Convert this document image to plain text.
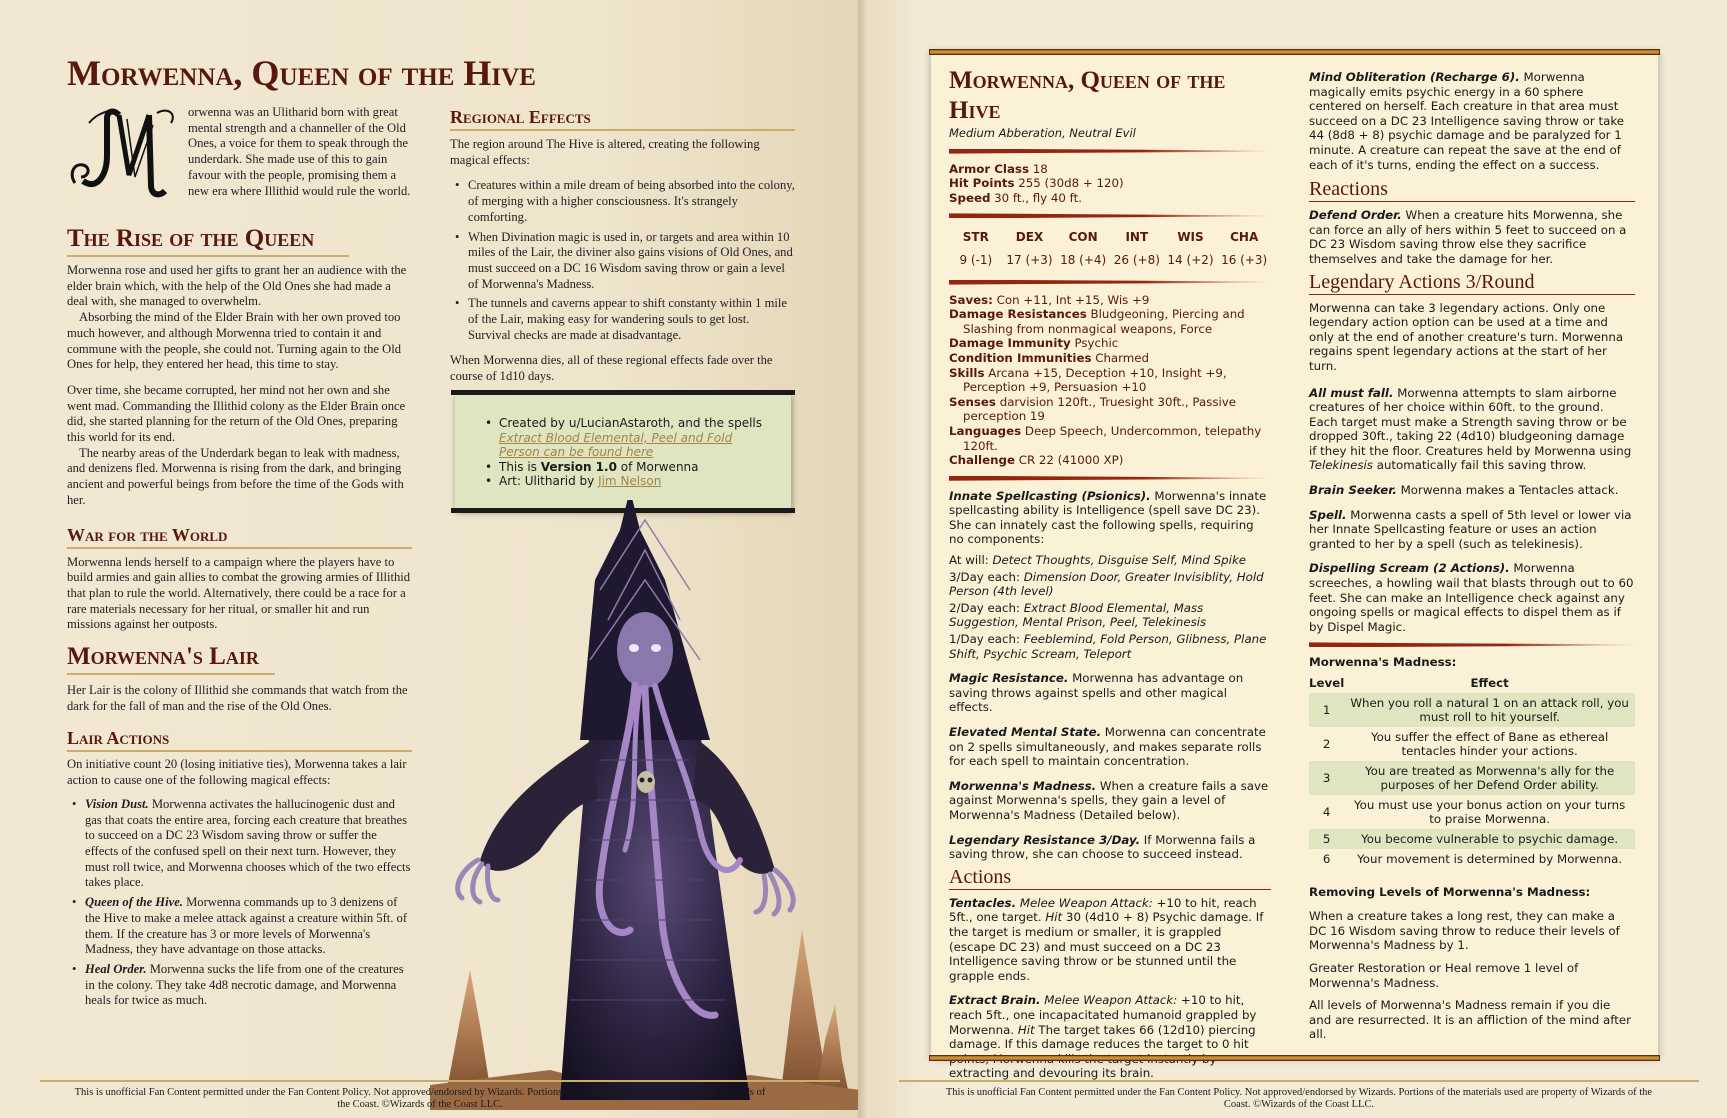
Morwenna, Queen of the Hive
orwenna was an Ulitharid born with great mental strength and a channeller of the Old Ones, a voice for them to speak through the underdark. She made use of this to gain favour with the people, promising them a new era where Illithid would rule the world.
The Rise of the Queen

Morwenna rose and used her gifts to grant her an audience with the elder brain which, with the help of the Old Ones she had made a deal with, she managed to overwhelm.

Absorbing the mind of the Elder Brain with her own proved too much however, and although Morwenna tried to contain it and commune with the people, she could not. Turning again to the Old Ones for help, they entered her head, this time to stay.

Over time, she became corrupted, her mind not her own and she went mad. Commanding the Illithid colony as the Elder Brain once did, she started planning for the return of the Old Ones, preparing this world for its end.

The nearby areas of the Underdark began to leak with madness, and denizens fled. Morwenna is rising from the dark, and bringing ancient and powerful beings from before the time of the Gods with her.

War for the World

Morwenna lends herself to a campaign where the players have to build armies and gain allies to combat the growing armies of Illithid that plan to rule the world. Alternatively, there could be a race for a rare materials necessary for her ritual, or smaller hit and run missions against her outposts.

Morwenna's Lair

Her Lair is the colony of Illithid she commands that watch from the dark for the fall of man and the rise of the Old Ones.

Lair Actions

On initiative count 20 (losing initiative ties), Morwenna takes a lair action to cause one of the following magical effects:

• Vision Dust. Morwenna activates the hallucinogenic dust and gas that coats the entire area, forcing each creature that breathes to succeed on a DC 23 Wisdom saving throw or suffer the effects of the confused spell on their next turn. However, they must roll twice, and Morwenna chooses which of the two effects takes place.
• Queen of the Hive. Morwenna commands up to 3 denizens of the Hive to make a melee attack against a creature within 5ft. of them. If the creature has 3 or more levels of Morwenna's Madness, they have advantage on those attacks.
• Heal Order. Morwenna sucks the life from one of the creatures in the colony. They take 4d8 necrotic damage, and Morwenna heals for twice as much.
Regional Effects

The region around The Hive is altered, creating the following magical effects:

• Creatures within a mile dream of being absorbed into the colony, of merging with a higher consciousness. It's strangely comforting.
• When Divination magic is used in, or targets and area within 10 miles of the Lair, the diviner also gains visions of Old Ones, and must succeed on a DC 16 Wisdom saving throw or gain a level of Morwenna's Madness.
• The tunnels and caverns appear to shift constanty within 1 mile of the Lair, making easy for wandering souls to get lost. Survival checks are made at disadvantage.

When Morwenna dies, all of these regional effects fade over the course of 1d10 days.

• Created by u/LucianAstaroth, and the spells Extract Blood Elemental, Peel and Fold Person can be found here
• This is Version 1.0 of Morwenna
• Art: Ulitharid by Jim Nelson
This is unofficial Fan Content permitted under the Fan Content Policy. Not approved/endorsed by Wizards. Portions of the materials used are property of Wizards of the Coast. ©Wizards of the Coast LLC.
Morwenna, Queen of the Hive
Medium Abberation, Neutral Evil
Armor Class 18
Hit Points 255 (30d8 + 120)
Speed 30 ft., fly 40 ft.
STR	DEX	CON	INT	WIS	CHA
9 (-1)	17 (+3) 18 (+4) 26 (+8) 14 (+2) 16 (+3)
Saves: Con +11, Int +15, Wis +9
Damage Resistances Bludgeoning, Piercing and Slashing from nonmagical weapons, Force
Damage Immunity Psychic
Condition Immunities Charmed
Skills Arcana +15, Deception +10, Insight +9, Perception +9, Persuasion +10
Senses darvision 120ft., Truesight 30ft., Passive perception 19
Languages Deep Speech, Undercommon, telepathy 120ft.
Challenge CR 22 (41000 XP)

Innate Spellcasting (Psionics). Morwenna's innate spellcasting ability is Intelligence (spell save DC 23). She can innately cast the following spells, requiring no components:

At will: Detect Thoughts, Disguise Self, Mind Spike

3/Day each: Dimension Door, Greater Invisiblity, Hold Person (4th level)

2/Day each: Extract Blood Elemental, Mass Suggestion, Mental Prison, Peel, Telekinesis

1/Day each: Feeblemind, Fold Person, Glibness, Plane Shift, Psychic Scream, Teleport

Magic Resistance. Morwenna has advantage on saving throws against spells and other magical effects.

Elevated Mental State. Morwenna can concentrate on 2 spells simultaneously, and makes separate rolls for each spell to maintain concentration.

Morwenna's Madness. When a creature fails a save against Morwenna's spells, they gain a level of Morwenna's Madness (Detailed below).

Legendary Resistance 3/Day. If Morwenna fails a saving throw, she can choose to succeed instead.

Actions

Tentacles. Melee Weapon Attack: +10 to hit, reach 5ft., one target. Hit 30 (4d10 + 8) Psychic damage. If the target is medium or smaller, it is grappled (escape DC 23) and must succeed on a DC 23 Intelligence saving throw or be stunned until the grapple ends.

Extract Brain. Melee Weapon Attack: +10 to hit, reach 5ft., one incapacitated humanoid grappled by Morwenna. Hit The target takes 66 (12d10) piercing damage. If this damage reduces the target to 0 hit extracting and devouring its brain.

Mind Obliteration (Recharge 6). Morwenna magically emits psychic energy in a 60 sphere centered on herself. Each creature in that area must succeed on a DC 23 Intelligence saving throw or take 44 (8d8 + 8) psychic damage and be paralyzed for 1 minute. A creature can repeat the save at the end of each of it's turns, ending the effect on a success.

Reactions

Defend Order. When a creature hits Morwenna, she can force an ally of hers within 5 feet to succeed on a DC 23 Wisdom saving throw else they sacrifice themselves and take the damage for her.

Legendary Actions 3/Round

Morwenna can take 3 legendary actions. Only one legendary action option can be used at a time and only at the end of another creature's turn. Morwenna regains spent legendary actions at the start of her turn.

All must fall. Morwenna attempts to slam airborne creatures of her choice within 60ft. to the ground. Each target must make a Strength saving throw or be dropped 30ft., taking 22 (4d10) bludgeoning damage if they hit the floor. Creatures held by Morwenna using Telekinesis automatically fail this saving throw.

Brain Seeker. Morwenna makes a Tentacles attack.

Spell. Morwenna casts a spell of 5th level or lower via her Innate Spellcasting feature or uses an action granted to her by a spell (such as telekinesis).

Dispelling Scream (2 Actions). Morwenna screeches, a howling wail that blasts through out to 60 feet. She can make an Intelligence check against any ongoing spells or magical effects to dispel them as if by Dispel Magic.

Morwenna's Madness:
Level	Effect
1	When you roll a natural 1 on an attack roll, you must roll to hit yourself.
2	You suffer the effect of Bane as ethereal tentacles hinder your actions.
3	You are treated as Morwenna's ally for the purposes of her Defend Order ability.
4	You must use your bonus action on your turns to praise Morwenna.
5	You become vulnerable to psychic damage.
6	Your movement is determined by Morwenna.
Removing Levels of Morwenna's Madness:

When a creature takes a long rest, they can make a DC 16 Wisdom saving throw to reduce their levels of Morwenna's Madness by 1.

Greater Restoration or Heal remove 1 level of Morwenna's Madness.

All levels of Morwenna's Madness remain if you die and are resurrected. It is an affliction of the mind after all.

This is unofficial Fan Content permitted under the Fan Content Policy. Not approved/endorsed by Wizards. Portions of the materials used are property of Wizards of the Coast. ©Wizards of the Coast LLC.
